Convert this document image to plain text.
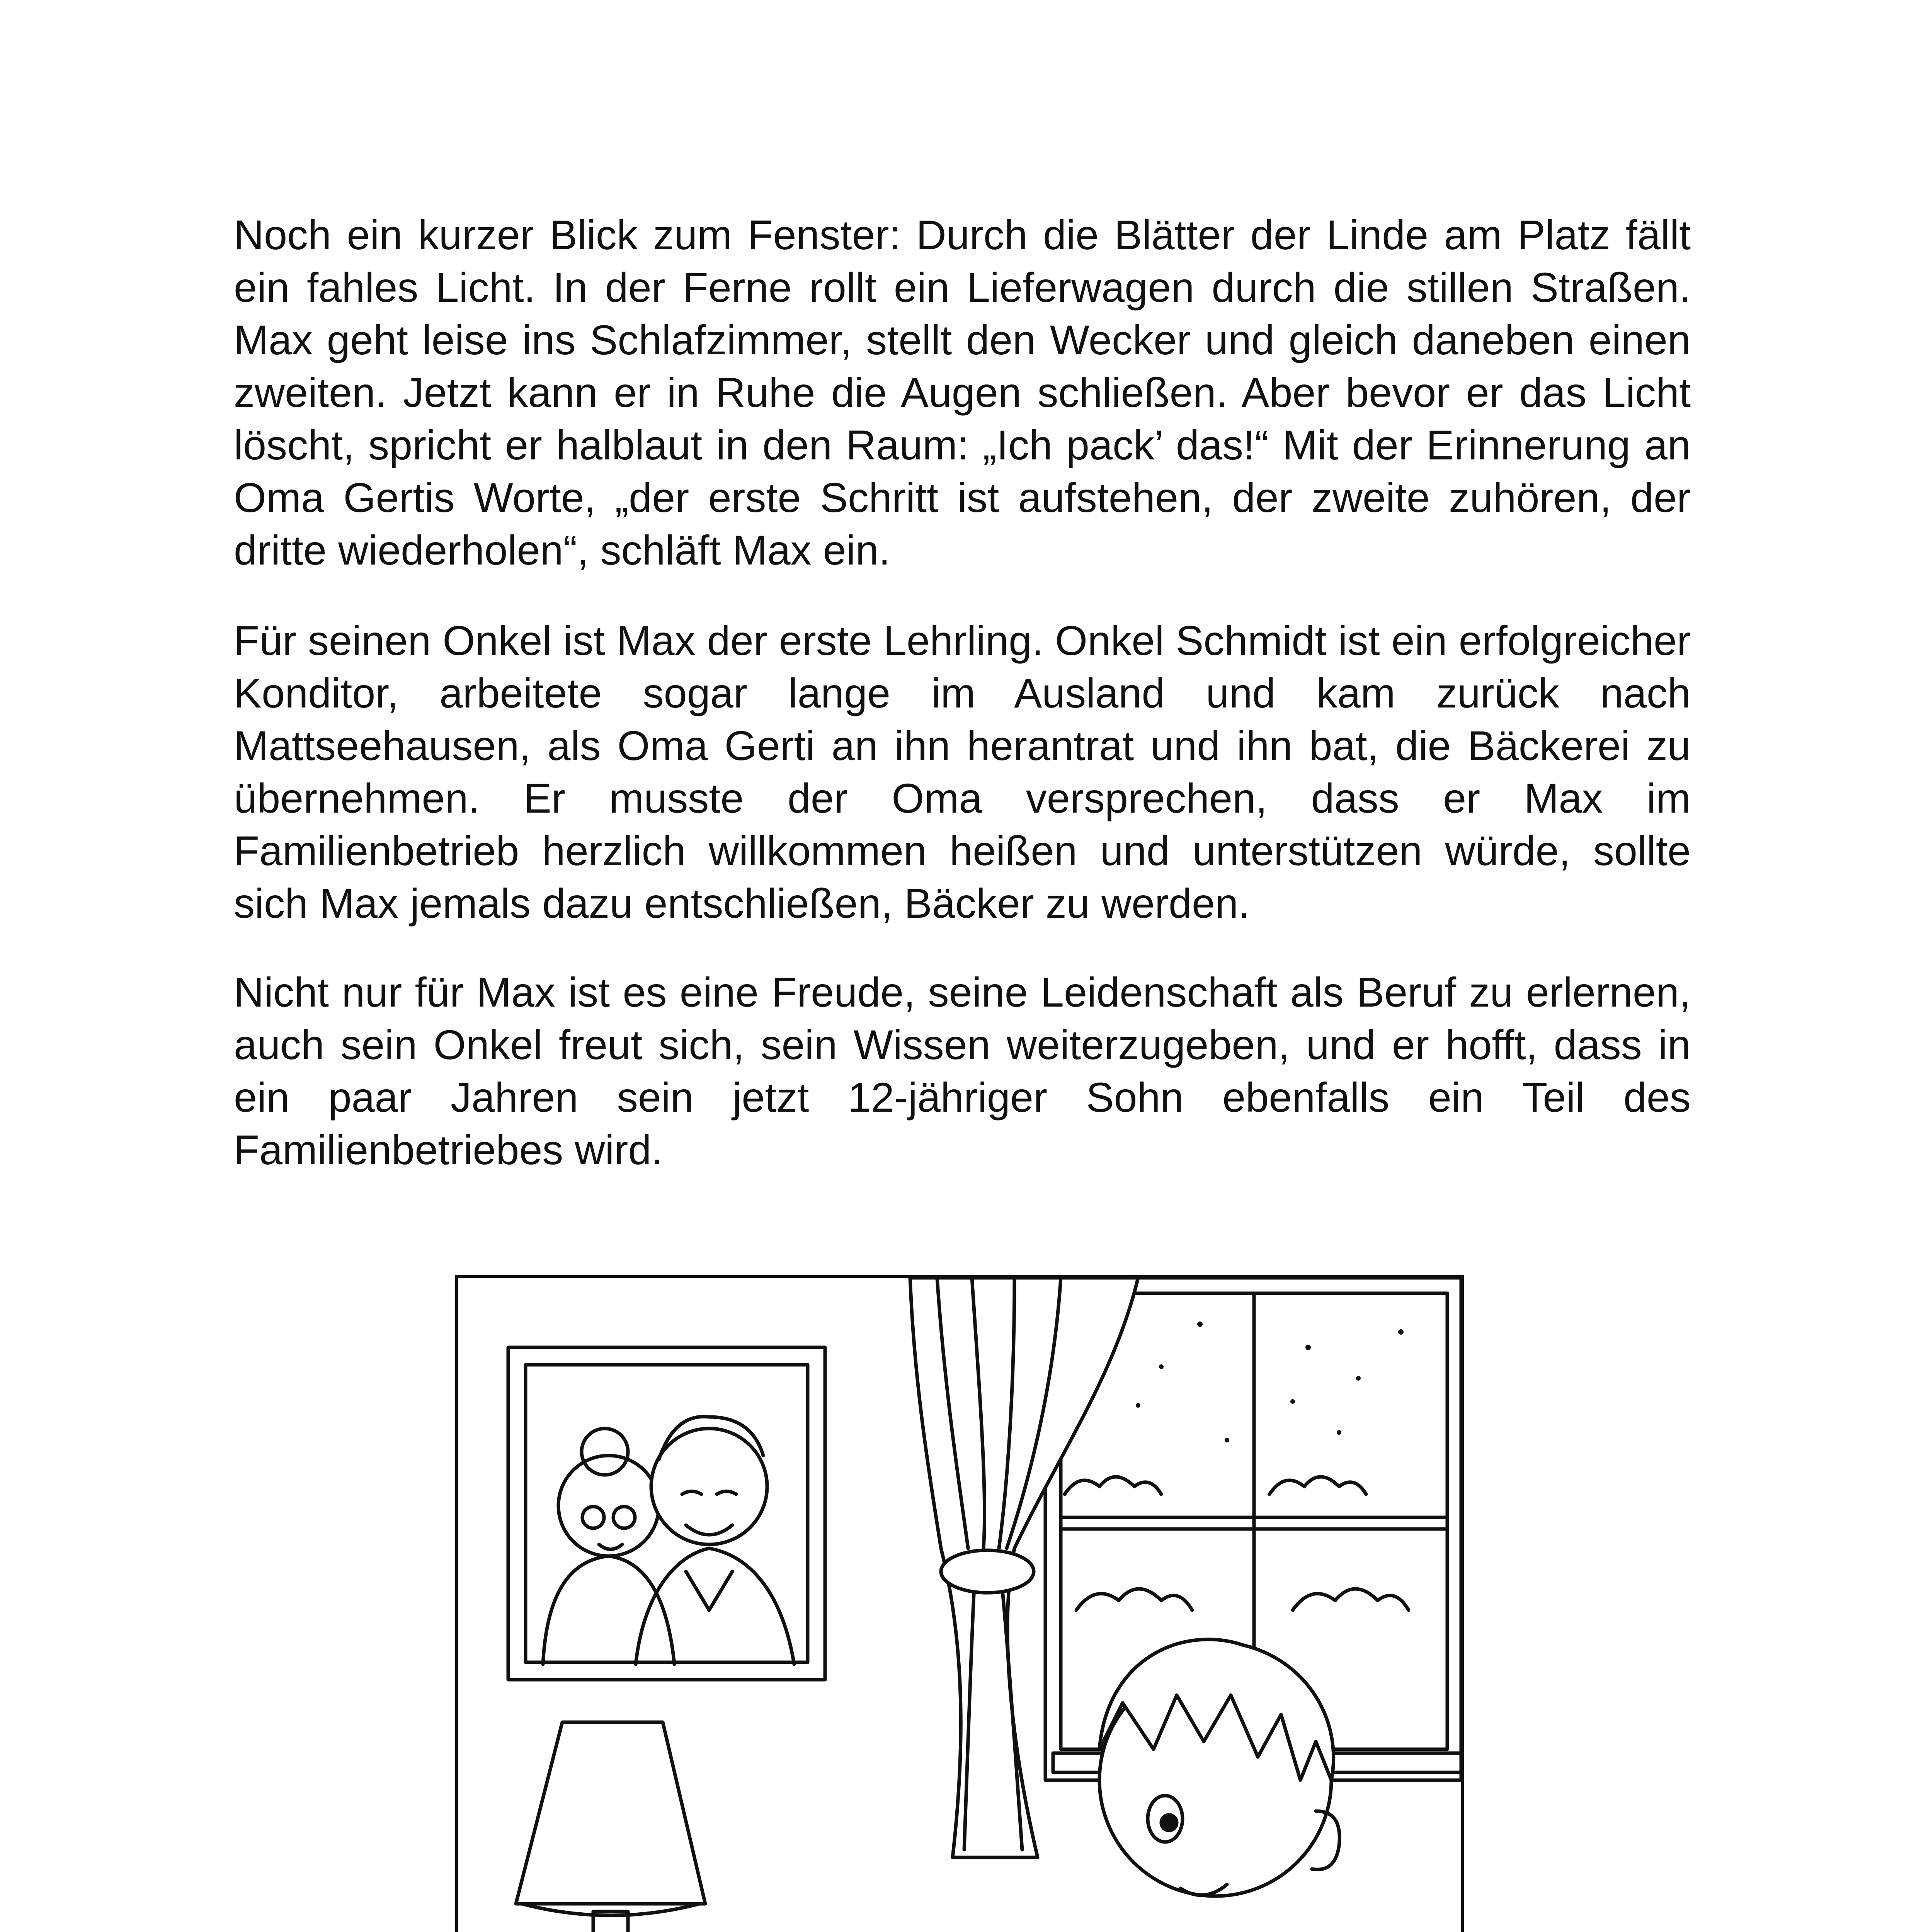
Noch ein kurzer Blick zum Fenster: Durch die Blätter der Linde am Platz fällt ein fahles Licht. In der Ferne rollt ein Lieferwagen durch die stillen Straßen. Max geht leise ins Schlafzimmer, stellt den Wecker und gleich daneben einen zweiten. Jetzt kann er in Ruhe die Augen schließen. Aber bevor er das Licht löscht, spricht er halblaut in den Raum: „Ich pack’ das!“ Mit der Erinnerung an Oma Gertis Worte, „der erste Schritt ist aufstehen, der zweite zuhören, der dritte wiederholen“, schläft Max ein.

Für seinen Onkel ist Max der erste Lehrling. Onkel Schmidt ist ein erfolgreicher Konditor, arbeitete sogar lange im Ausland und kam zurück nach Mattseehausen, als Oma Gerti an ihn herantrat und ihn bat, die Bäckerei zu übernehmen. Er musste der Oma versprechen, dass er Max im Familienbetrieb herzlich willkommen heißen und unterstützen würde, sollte sich Max jemals dazu entschließen, Bäcker zu werden.

Nicht nur für Max ist es eine Freude, seine Leidenschaft als Beruf zu erlernen, auch sein Onkel freut sich, sein Wissen weiterzugeben, und er hofft, dass in ein paar Jahren sein jetzt 12-jähriger Sohn ebenfalls ein Teil des Familienbetriebes wird.
